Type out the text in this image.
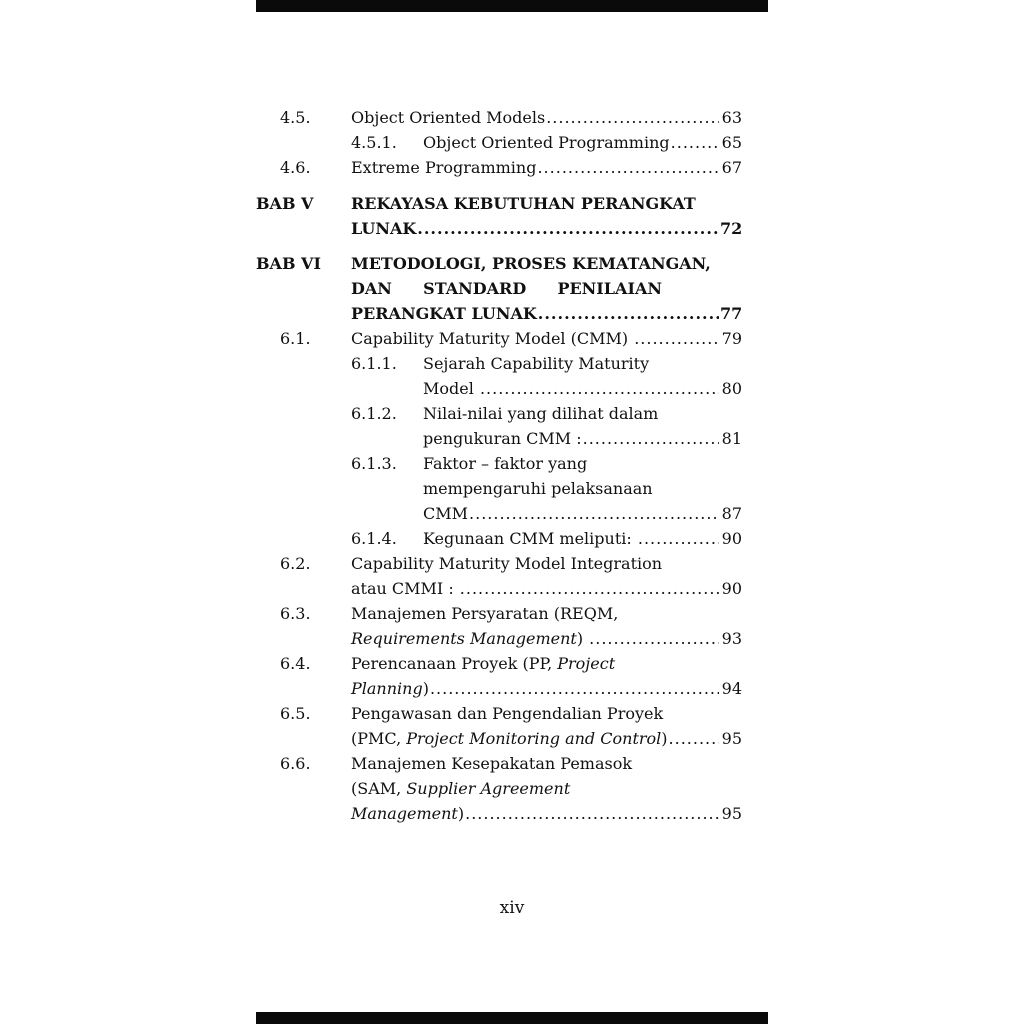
4.5.	Object Oriented Models .....	63
4.5.1. Object Oriented Programming .....	65
4.6.	Extreme Programming .....	67
BAB V REKAYASA KEBUTUHAN PERANGKAT
LUNAK .....	72
BAB VI METODOLOGI, PROSES KEMATANGAN,
DAN STANDARD PENILAIAN
PERANGKAT LUNAK .....	77
6.1.	Capability Maturity Model (CMM) .....	79
6.1.1. Sejarah Capability Maturity
Model .....	80
6.1.2. Nilai-nilai yang dilihat dalam
pengukuran CMM : .....	81
6.1.3. Faktor – faktor yang
mempengaruhi pelaksanaan
CMM .....	87
6.1.4. Kegunaan CMM meliputi: .....	90
6.2.	Capability Maturity Model Integration
atau CMMI : .....	90
6.3.	Manajemen Persyaratan (REQM,
Requirements Management ) .....	93
6.4.	Perencanaan Proyek (PP, Project
Planning ) .....	94
6.5.	Pengawasan dan Pengendalian Proyek
(PMC, Project Monitoring and Control ) .....	95
6.6.	Manajemen Kesepakatan Pemasok
(SAM, Supplier Agreement
Management ) .....	95
xiv
